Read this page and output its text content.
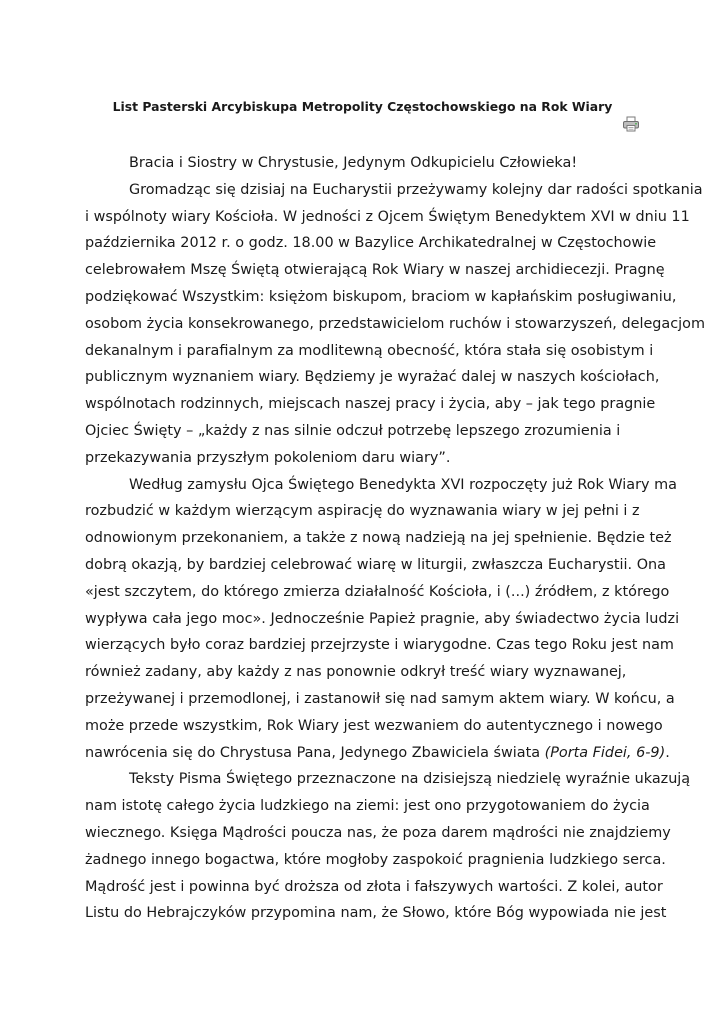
List Pasterski Arcybiskupa Metropolity Częstochowskiego na Rok Wiary
Bracia i Siostry w Chrystusie, Jedynym Odkupicielu Człowieka!
Gromadząc się dzisiaj na Eucharystii przeżywamy kolejny dar radości spotkania
i wspólnoty wiary Kościoła. W jedności z Ojcem Świętym Benedyktem XVI w dniu 11
października 2012 r. o godz. 18.00 w Bazylice Archikatedralnej w Częstochowie
celebrowałem Mszę Świętą otwierającą Rok Wiary w naszej archidiecezji. Pragnę
podziękować Wszystkim: księżom biskupom, braciom w kapłańskim posługiwaniu,
osobom życia konsekrowanego, przedstawicielom ruchów i stowarzyszeń, delegacjom
dekanalnym i parafialnym za modlitewną obecność, która stała się osobistym i
publicznym wyznaniem wiary. Będziemy je wyrażać dalej w naszych kościołach,
wspólnotach rodzinnych, miejscach naszej pracy i życia, aby – jak tego pragnie
Ojciec Święty – „każdy z nas silnie odczuł potrzebę lepszego zrozumienia i
przekazywania przyszłym pokoleniom daru wiary”.
Według zamysłu Ojca Świętego Benedykta XVI rozpoczęty już Rok Wiary ma
rozbudzić w każdym wierzącym aspirację do wyznawania wiary w jej pełni i z
odnowionym przekonaniem, a także z nową nadzieją na jej spełnienie. Będzie też
dobrą okazją, by bardziej celebrować wiarę w liturgii, zwłaszcza Eucharystii. Ona
«jest szczytem, do którego zmierza działalność Kościoła, i (...) źródłem, z którego
wypływa cała jego moc». Jednocześnie Papież pragnie, aby świadectwo życia ludzi
wierzących było coraz bardziej przejrzyste i wiarygodne. Czas tego Roku jest nam
również zadany, aby każdy z nas ponownie odkrył treść wiary wyznawanej,
przeżywanej i przemodlonej, i zastanowił się nad samym aktem wiary. W końcu, a
może przede wszystkim, Rok Wiary jest wezwaniem do autentycznego i nowego
nawrócenia się do Chrystusa Pana, Jedynego Zbawiciela świata (Porta Fidei, 6-9).
Teksty Pisma Świętego przeznaczone na dzisiejszą niedzielę wyraźnie ukazują
nam istotę całego życia ludzkiego na ziemi: jest ono przygotowaniem do życia
wiecznego. Księga Mądrości poucza nas, że poza darem mądrości nie znajdziemy
żadnego innego bogactwa, które mogłoby zaspokoić pragnienia ludzkiego serca.
Mądrość jest i powinna być droższa od złota i fałszywych wartości. Z kolei, autor
Listu do Hebrajczyków przypomina nam, że Słowo, które Bóg wypowiada nie jest
